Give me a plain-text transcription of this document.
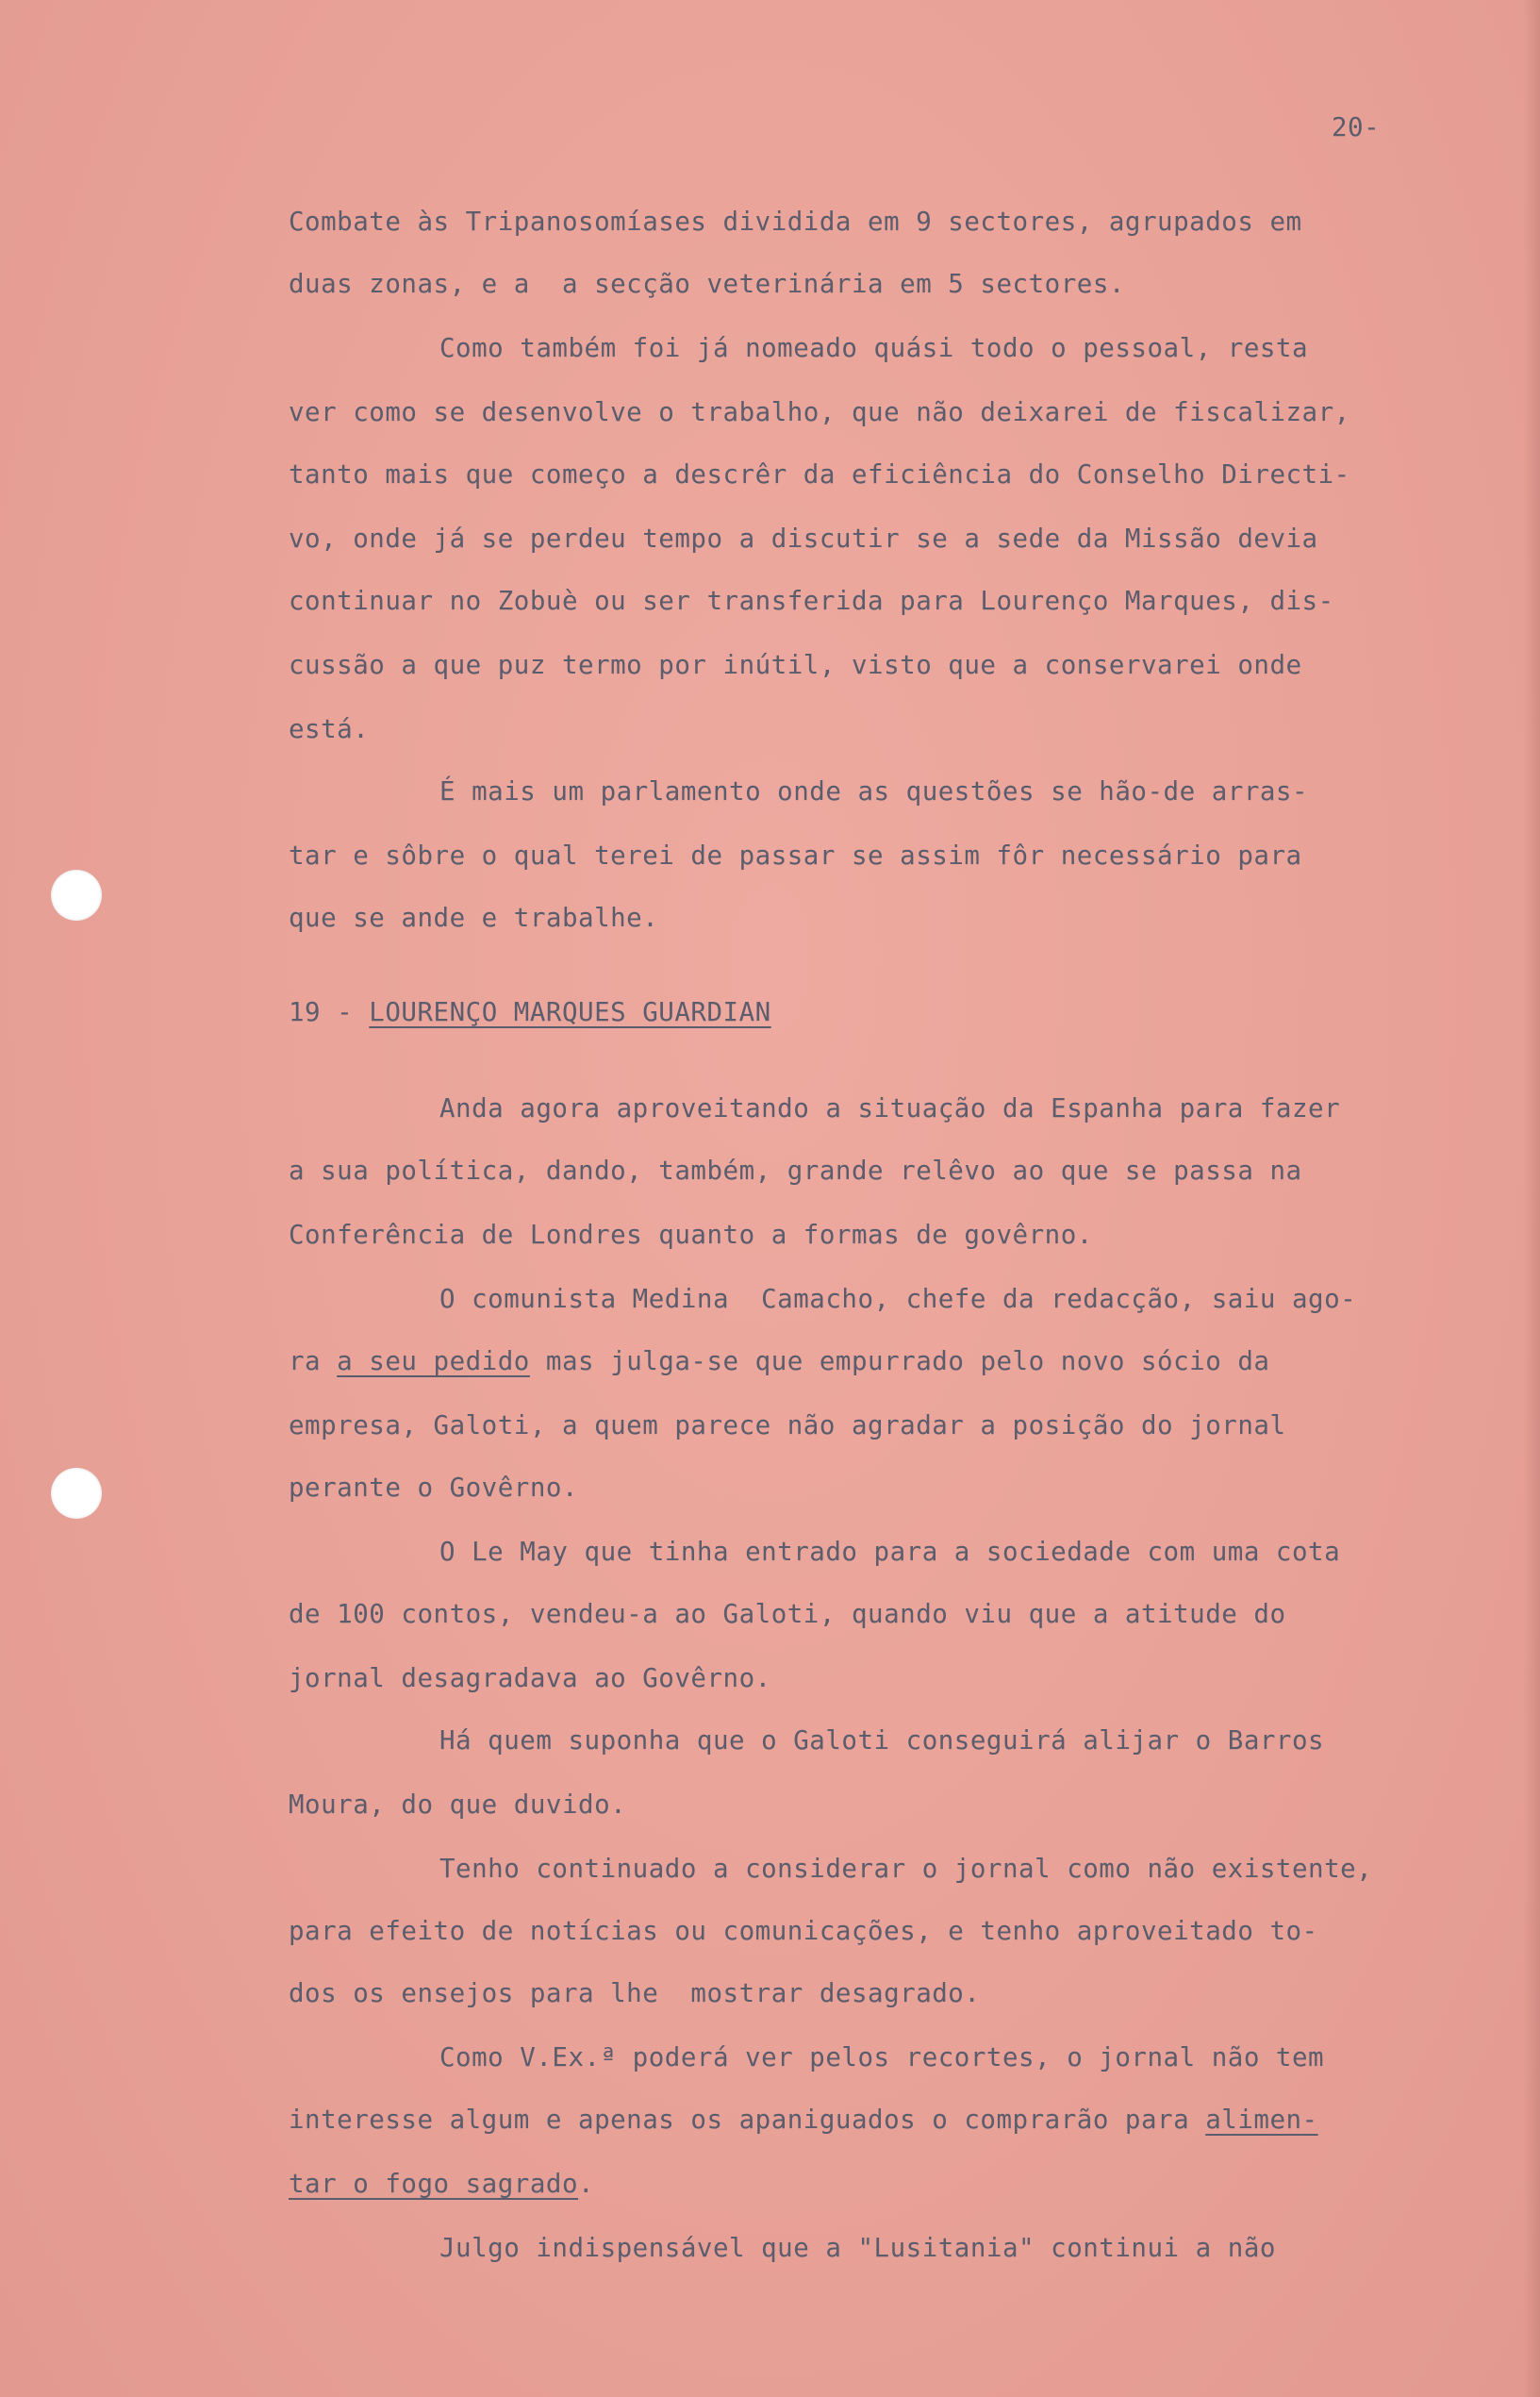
20-
Combate às Tripanosomíases dividida em 9 sectores, agrupados em
duas zonas, e a  a secção veterinária em 5 sectores.
Como também foi já nomeado quási todo o pessoal, resta
ver como se desenvolve o trabalho, que não deixarei de fiscalizar,
tanto mais que começo a descrêr da eficiência do Conselho Directi-
vo, onde já se perdeu tempo a discutir se a sede da Missão devia
continuar no Zobuè ou ser transferida para Lourenço Marques, dis-
cussão a que puz termo por inútil, visto que a conservarei onde
está.
É mais um parlamento onde as questões se hão-de arras-
tar e sôbre o qual terei de passar se assim fôr necessário para
que se ande e trabalhe.
19 - LOURENÇO MARQUES GUARDIAN
Anda agora aproveitando a situação da Espanha para fazer
a sua política, dando, também, grande relêvo ao que se passa na
Conferência de Londres quanto a formas de govêrno.
O comunista Medina  Camacho, chefe da redacção, saiu ago-
ra a seu pedido mas julga-se que empurrado pelo novo sócio da
empresa, Galoti, a quem parece não agradar a posição do jornal
perante o Govêrno.
O Le May que tinha entrado para a sociedade com uma cota
de 100 contos, vendeu-a ao Galoti, quando viu que a atitude do
jornal desagradava ao Govêrno.
Há quem suponha que o Galoti conseguirá alijar o Barros
Moura, do que duvido.
Tenho continuado a considerar o jornal como não existente,
para efeito de notícias ou comunicações, e tenho aproveitado to-
dos os ensejos para lhe  mostrar desagrado.
Como V.Ex.ª poderá ver pelos recortes, o jornal não tem
interesse algum e apenas os apaniguados o comprarão para alimen-
tar o fogo sagrado.
Julgo indispensável que a "Lusitania" continui a não
